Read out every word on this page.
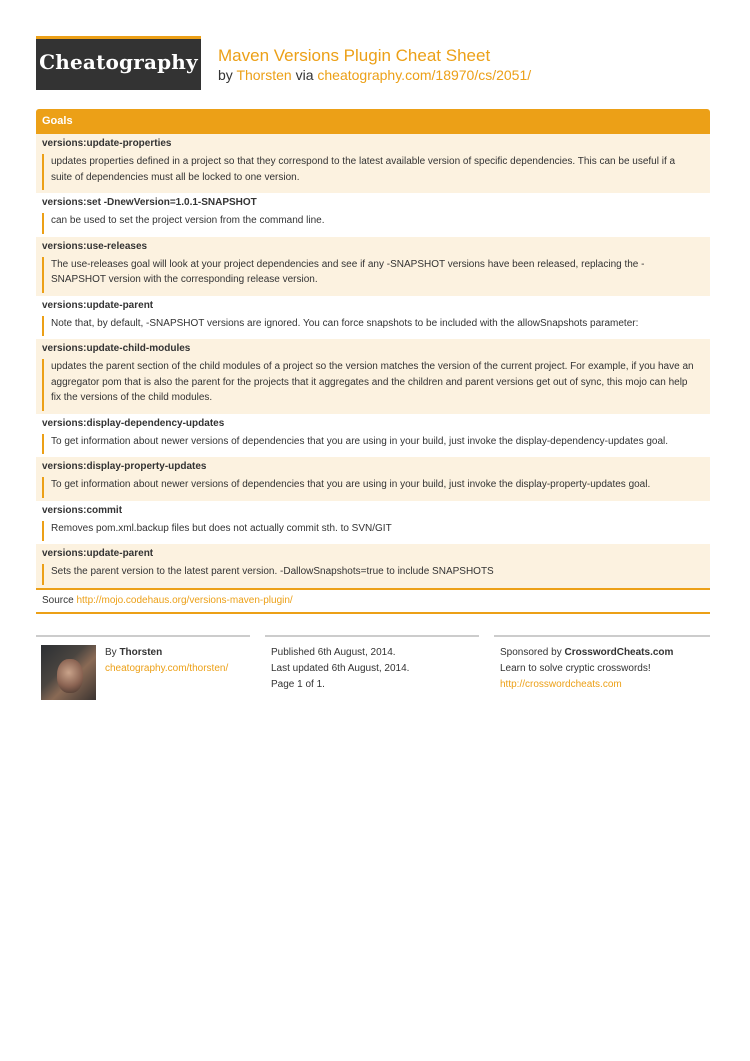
Cheatography Maven Versions Plugin Cheat Sheet
by Thorsten via cheatography.com/18970/cs/2051/
Goals
versions:update-properties
updates properties defined in a project so that they correspond to the latest available version of specific dependencies. This can be useful if a suite of dependencies must all be locked to one version.
versions:set -DnewVersion=1.0.1-SNAPSHOT
can be used to set the project version from the command line.
versions:use-releases
The use-releases goal will look at your project dependencies and see if any -SNAPSHOT versions have been released, replacing the -SNAPSHOT version with the corresponding release version.
versions:update-parent
Note that, by default, -SNAPSHOT versions are ignored. You can force snapshots to be included with the allowSnapshots parameter:
versions:update-child-modules
updates the parent section of the child modules of a project so the version matches the version of the current project. For example, if you have an aggregator pom that is also the parent for the projects that it aggregates and the children and parent versions get out of sync, this mojo can help fix the versions of the child modules.
versions:display-dependency-updates
To get information about newer versions of dependencies that you are using in your build, just invoke the display-dependency-updates goal.
versions:display-property-updates
To get information about newer versions of dependencies that you are using in your build, just invoke the display-property-updates goal.
versions:commit
Removes pom.xml.backup files but does not actually commit sth. to SVN/GIT
versions:update-parent
Sets the parent version to the latest parent version. -DallowSnapshots=true to include SNAPSHOTS
Source http://mojo.codehaus.org/versions-maven-plugin/
By Thorsten
cheatography.com/thorsten/
Published 6th August, 2014.
Last updated 6th August, 2014.
Page 1 of 1.
Sponsored by CrosswordCheats.com
Learn to solve cryptic crosswords!
http://crosswordcheats.com
